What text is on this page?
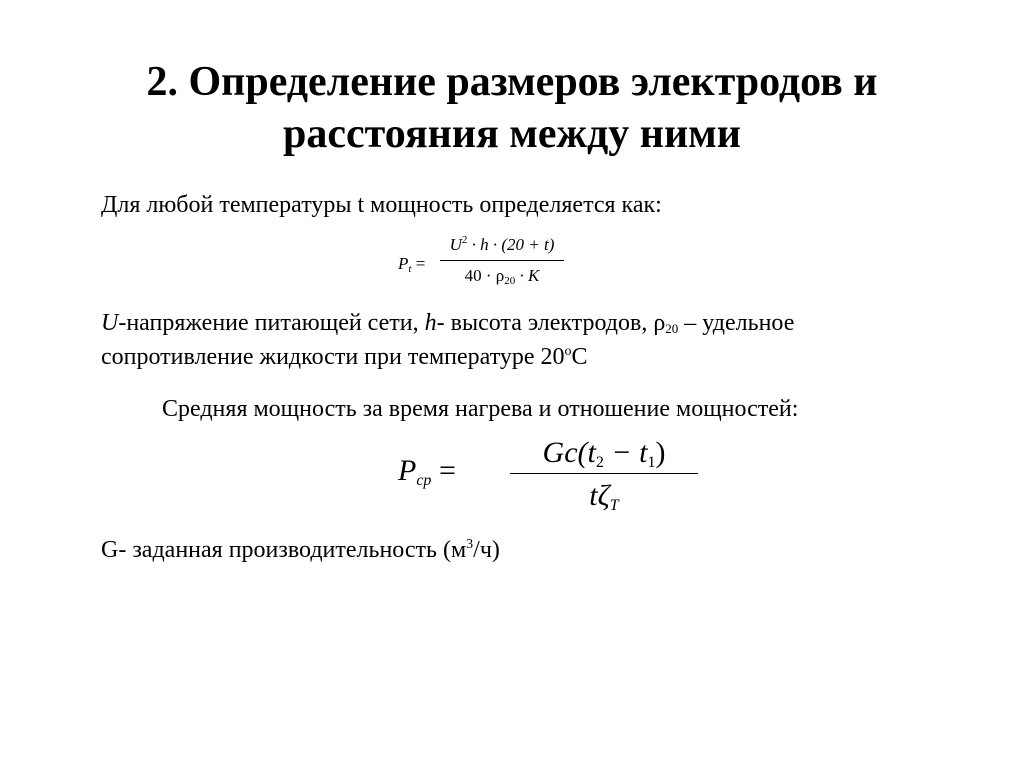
2. Определение размеров электродов и
расстояния между ними
Для любой температуры t мощность определяется как:
$P_t$ =
$U^2 \cdot h \cdot (20 + t)$
$40 \cdot \rho_{20} \cdot K$
U-напряжение питающей сети, h- высота электродов, $\rho_{20}$ – удельное
сопротивление жидкости при температуре 20$^o$C
Средняя мощность за время нагрева и отношение мощностей:
$P_{ср}$ =
$Gc(t_2 - t_1)$
$t\zeta_T$
G- заданная производительность $(м^3/ч)$
